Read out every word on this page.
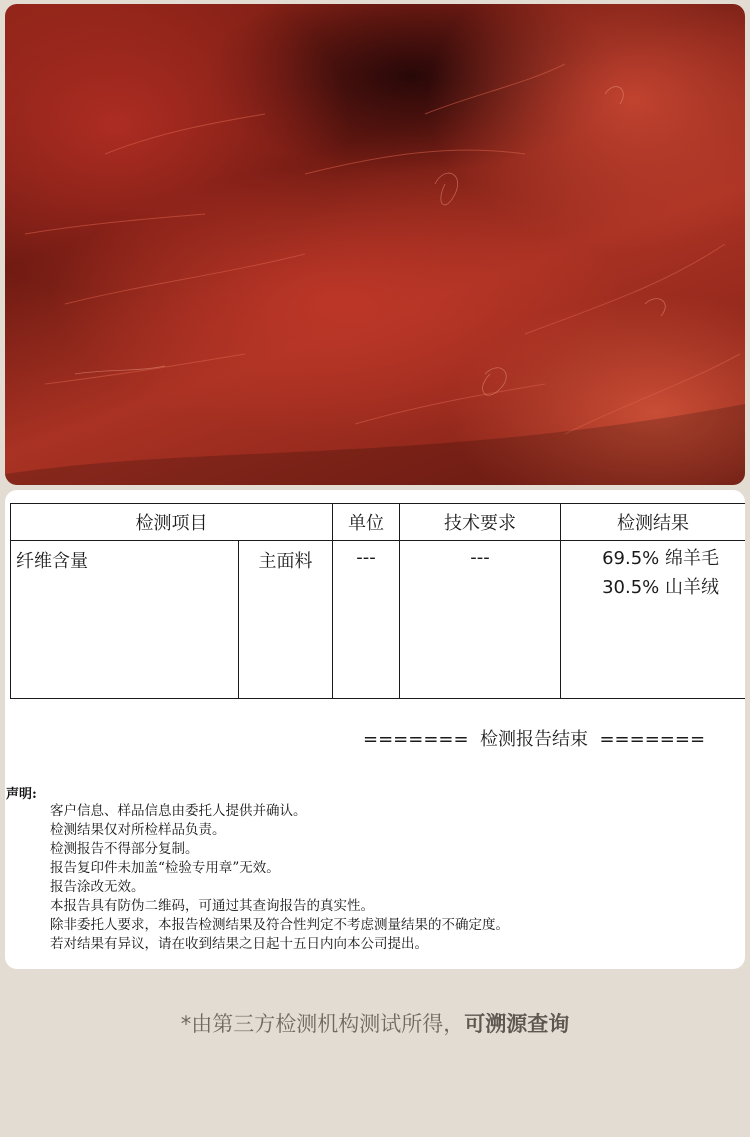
检测项目		单位	技术要求	检测结果
纤维含量	主面料	---	---	69.5% 绵羊毛
30.5% 山羊绒
=======  检测报告结束  =======
声明:
客户信息、样品信息由委托人提供并确认。
检测结果仅对所检样品负责。
检测报告不得部分复制。
报告复印件未加盖“检验专用章”无效。
报告涂改无效。
本报告具有防伪二维码，可通过其查询报告的真实性。
除非委托人要求，本报告检测结果及符合性判定不考虑测量结果的不确定度。
若对结果有异议，请在收到结果之日起十五日内向本公司提出。
*由第三方检测机构测试所得，可溯源查询
